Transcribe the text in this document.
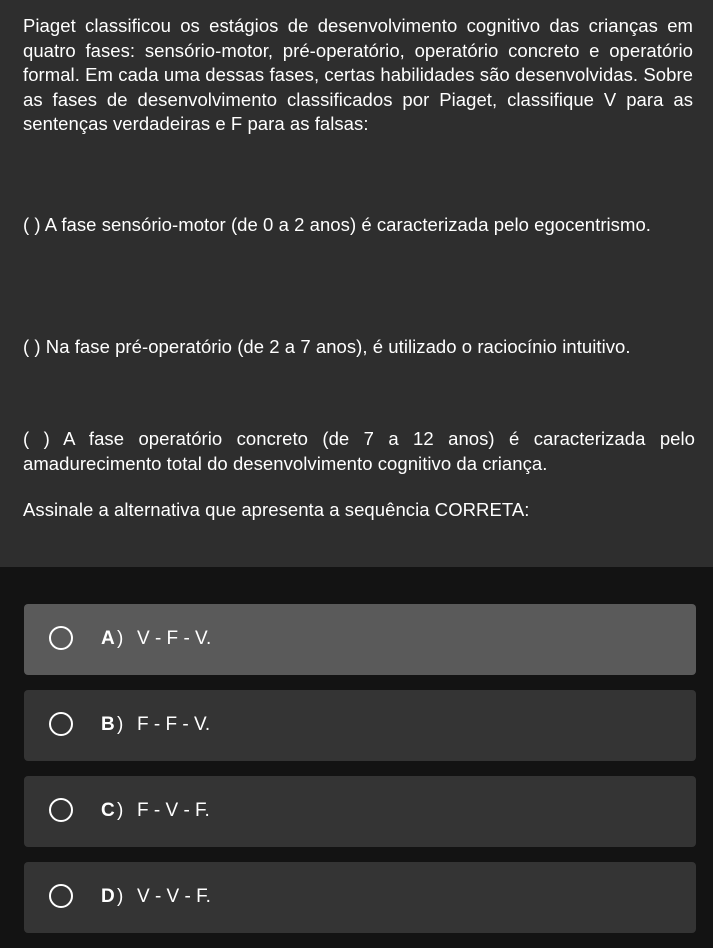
Piaget classificou os estágios de desenvolvimento cognitivo das crianças em quatro fases: sensório-motor, pré-operatório, operatório concreto e operatório formal. Em cada uma dessas fases, certas habilidades são desenvolvidas. Sobre as fases de desenvolvimento classificados por Piaget, classifique V para as sentenças verdadeiras e F para as falsas:

( ) A fase sensório-motor (de 0 a 2 anos) é caracterizada pelo egocentrismo.

( ) Na fase pré-operatório (de 2 a 7 anos), é utilizado o raciocínio intuitivo.

( ) A fase operatório concreto (de 7 a 12 anos) é caracterizada pelo amadurecimento total do desenvolvimento cognitivo da criança.

Assinale a alternativa que apresenta a sequência CORRETA:

A ) V - F - V.
B ) F - F - V.
C ) F - V - F.
D ) V - V - F.
